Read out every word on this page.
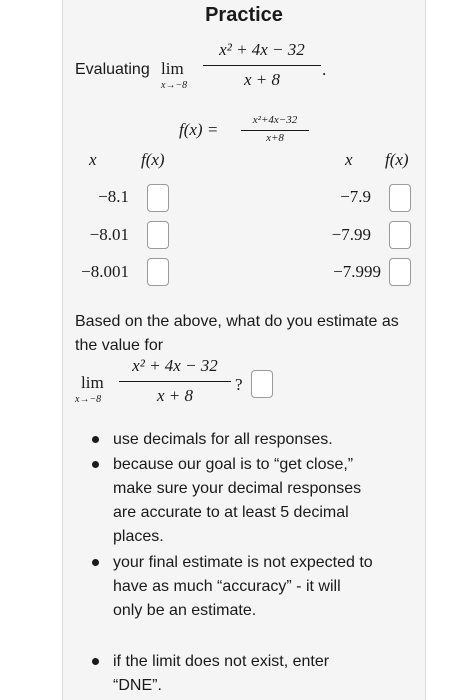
Practice
Evaluating lim
x→−8
x² + 4x − 32
x + 8
.
f(x) =	x²+4x−32
x+8
x	f(x)
−8.1
−8.01
−8.001
x f(x)
−7.9
−7.99
−7.999
Based on the above, what do you estimate as the value for
lim
x→−8
x² + 4x − 32
x + 8
?
use decimals for all responses.
because our goal is to “get close,” make sure your decimal responses are accurate to at least 5 decimal places.
your final estimate is not expected to have as much “accuracy” - it will only be an estimate.
if the limit does not exist, enter “DNE”.
